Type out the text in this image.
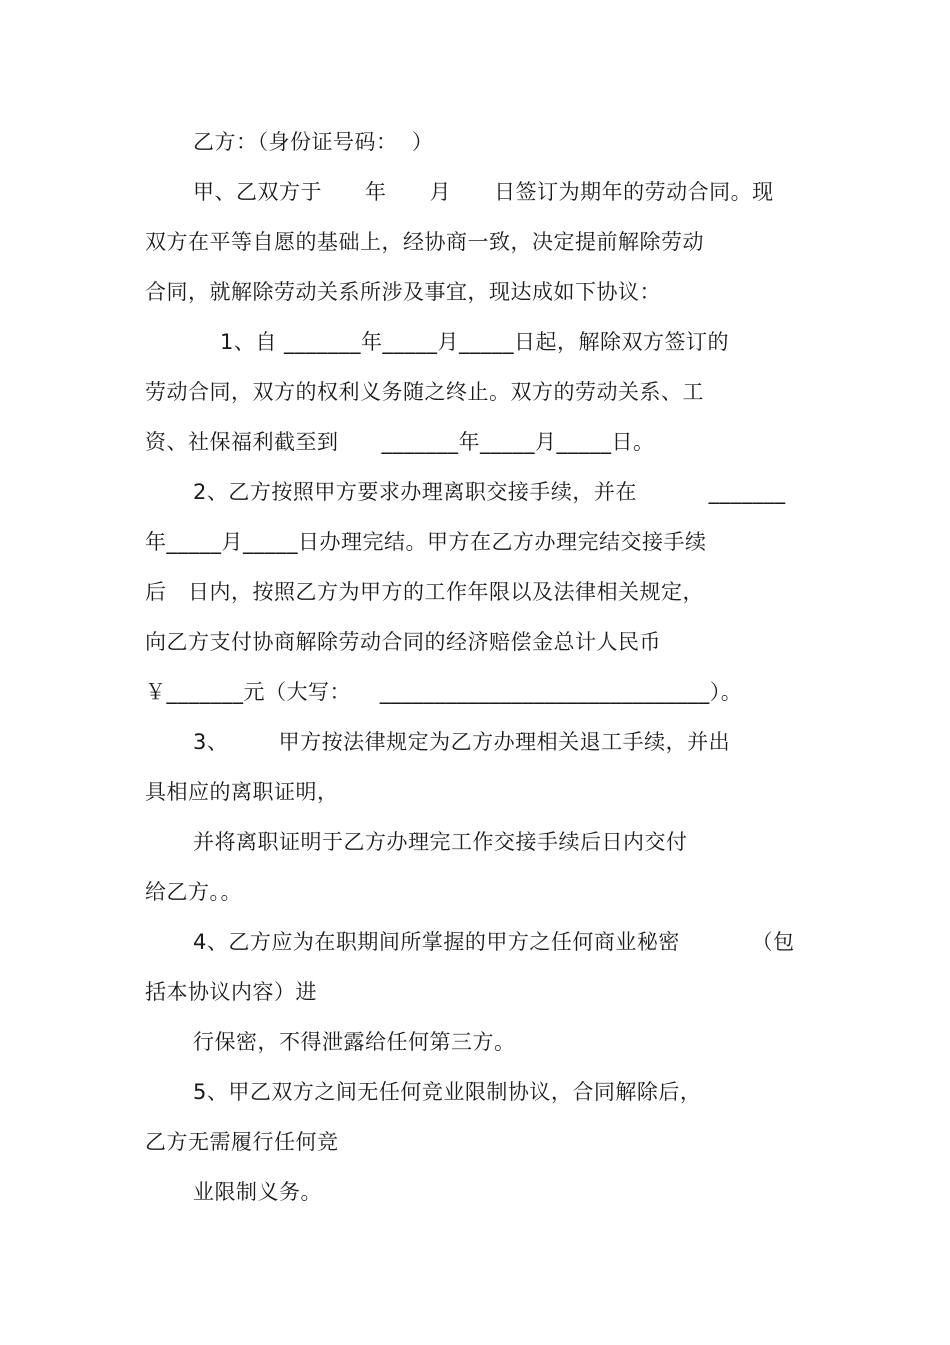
乙方：（身份证号码：  ）
甲、乙双方于      年      月      日签订为期年的劳动合同。现
双方在平等自愿的基础上，经协商一致，决定提前解除劳动
合同，就解除劳动关系所涉及事宜，现达成如下协议：
1、自 _______年_____月_____日起，解除双方签订的
劳动合同，双方的权利义务随之终止。双方的劳动关系、工
资、社保福利截至到      _______年_____月_____日。
2、乙方按照甲方要求办理离职交接手续，并在          _______
年_____月_____日办理完结。甲方在乙方办理完结交接手续
后   日内，按照乙方为甲方的工作年限以及法律相关规定，
向乙方支付协商解除劳动合同的经济赔偿金总计人民币
￥_______元（大写：    ______________________________）。
3、       甲方按法律规定为乙方办理相关退工手续，并出
具相应的离职证明，
并将离职证明于乙方办理完工作交接手续后日内交付
给乙方。。
4、乙方应为在职期间所掌握的甲方之任何商业秘密          （包
括本协议内容）进
行保密，不得泄露给任何第三方。
5、甲乙双方之间无任何竞业限制协议，合同解除后，
乙方无需履行任何竞
业限制义务。
